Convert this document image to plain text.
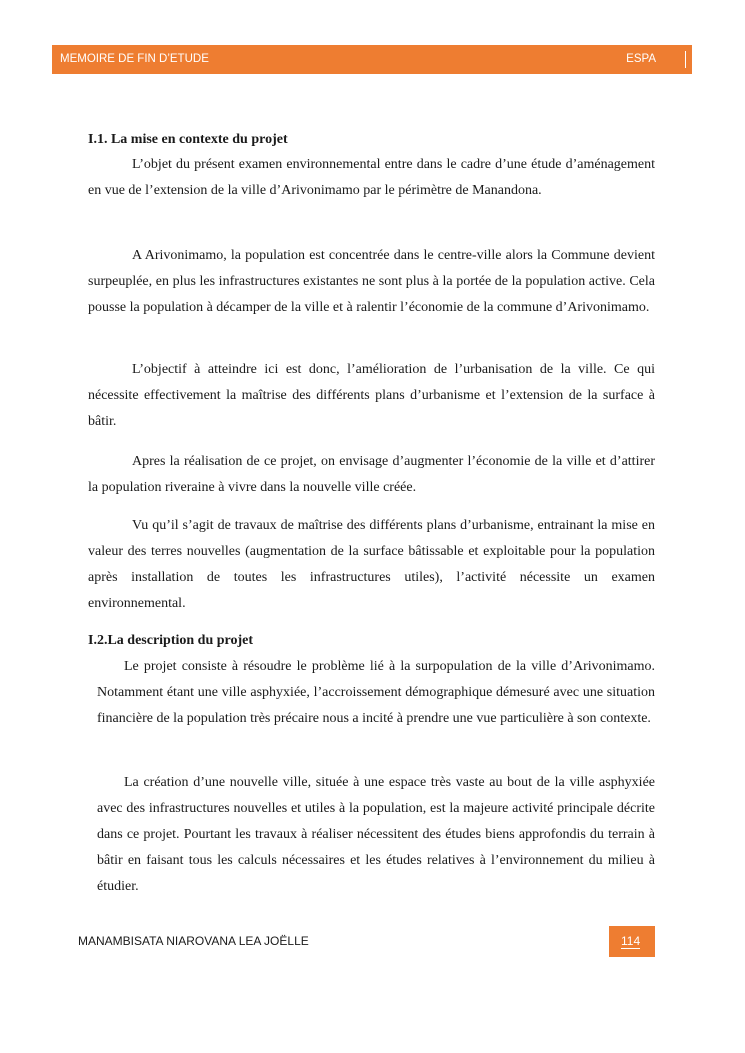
MEMOIRE DE FIN D’ETUDE	ESPA
I.1. La mise en contexte du projet

L’objet du présent examen environnemental entre dans le cadre d’une étude d’aménagement en vue de l’extension de la ville d’Arivonimamo par le périmètre de Manandona.

A Arivonimamo, la population est concentrée dans le centre-ville alors la Commune devient surpeuplée, en plus les infrastructures existantes ne sont plus à la portée de la population active. Cela pousse la population à décamper de la ville et à ralentir l’économie de la commune d’Arivonimamo.

L’objectif à atteindre ici est donc, l’amélioration de l’urbanisation de la ville. Ce qui nécessite effectivement la maîtrise des différents plans d’urbanisme et l’extension de la surface à bâtir.

Apres la réalisation de ce projet, on envisage d’augmenter l’économie de la ville et d’attirer la population riveraine à vivre dans la nouvelle ville créée.

Vu qu’il s’agit de travaux de maîtrise des différents plans d’urbanisme, entrainant la mise en valeur des terres nouvelles (augmentation de la surface bâtissable et exploitable pour la population après installation de toutes les infrastructures utiles), l’activité nécessite un examen environnemental.

I.2.La description du projet

Le projet consiste à résoudre le problème lié à la surpopulation de la ville d’Arivonimamo. Notamment étant une ville asphyxiée, l’accroissement démographique démesuré avec une situation financière de la population très précaire nous a incité à prendre une vue particulière à son contexte.

La création d’une nouvelle ville, située à une espace très vaste au bout de la ville asphyxiée avec des infrastructures nouvelles et utiles à la population, est la majeure activité principale décrite dans ce projet. Pourtant les travaux à réaliser nécessitent des études biens approfondis du terrain à bâtir en faisant tous les calculs nécessaires et les études relatives à l’environnement du milieu à étudier.

MANAMBISATA NIAROVANA LEA JOËLLE	114
